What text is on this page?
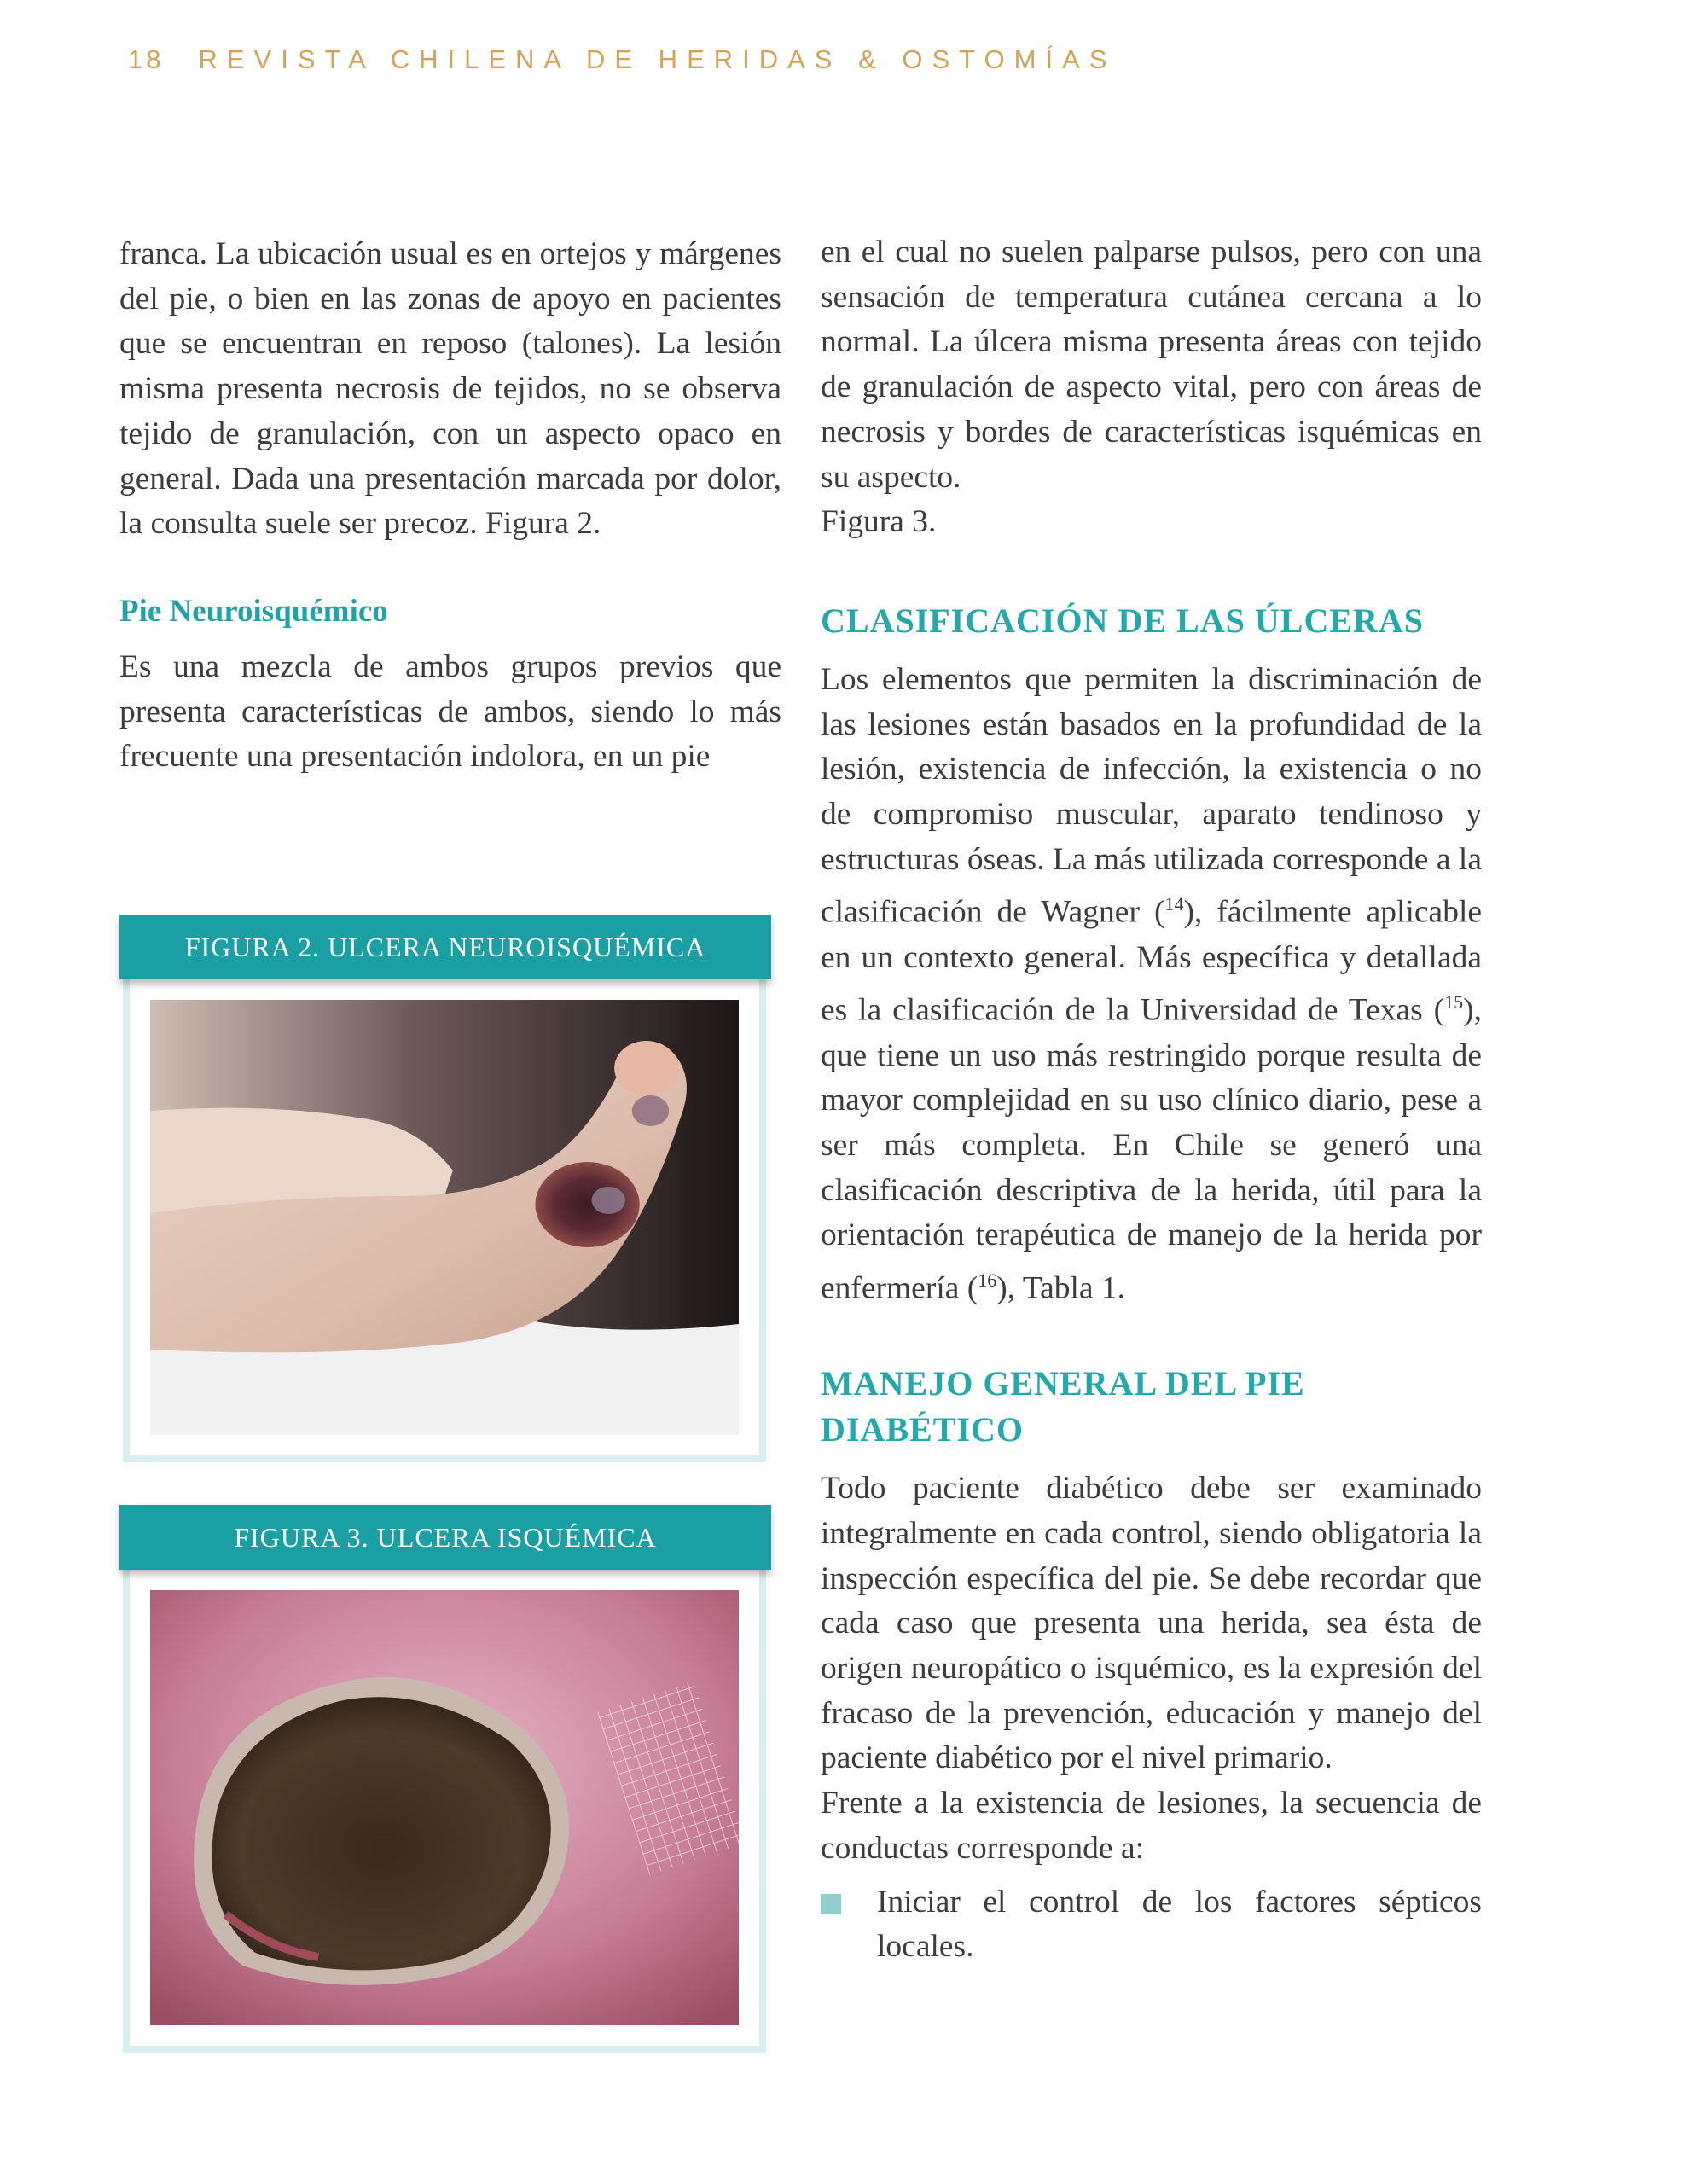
18 REVISTA CHILENA DE HERIDAS & OSTOMÍAS

franca. La ubicación usual es en ortejos y márgenes del pie, o bien en las zonas de apoyo en pacientes que se encuentran en reposo (talones). La lesión misma presenta necrosis de tejidos, no se observa tejido de granulación, con un aspecto opaco en general. Dada una presentación marcada por dolor, la consulta suele ser precoz. Figura 2.

Pie Neuroisquémico

Es una mezcla de ambos grupos previos que presenta características de ambos, siendo lo más frecuente una presentación indolora, en un pie

FIGURA 2. ULCERA NEUROISQUÉMICA
FIGURA 3. ULCERA ISQUÉMICA

en el cual no suelen palparse pulsos, pero con una sensación de temperatura cutánea cercana a lo normal. La úlcera misma presenta áreas con tejido de granulación de aspecto vital, pero con áreas de necrosis y bordes de características isquémicas en su aspecto.

Figura 3.

CLASIFICACIÓN DE LAS ÚLCERAS

Los elementos que permiten la discriminación de las lesiones están basados en la profundidad de la lesión, existencia de infección, la existencia o no de compromiso muscular, aparato tendinoso y estructuras óseas. La más utilizada corresponde a la clasificación de Wagner ($^{14}$), fácilmente aplicable en un contexto general. Más específica y detallada es la clasificación de la Universidad de Texas ($^{15}$), que tiene un uso más restringido porque resulta de mayor complejidad en su uso clínico diario, pese a ser más completa. En Chile se generó una clasificación descriptiva de la herida, útil para la orientación terapéutica de manejo de la herida por enfermería ($^{16}$), Tabla 1.

MANEJO GENERAL DEL PIE DIABÉTICO

Todo paciente diabético debe ser examinado integralmente en cada control, siendo obligatoria la inspección específica del pie. Se debe recordar que cada caso que presenta una herida, sea ésta de origen neuropático o isquémico, es la expresión del fracaso de la prevención, educación y manejo del paciente diabético por el nivel primario.

Frente a la existencia de lesiones, la secuencia de conductas corresponde a:

Iniciar el control de los factores sépticos locales.
